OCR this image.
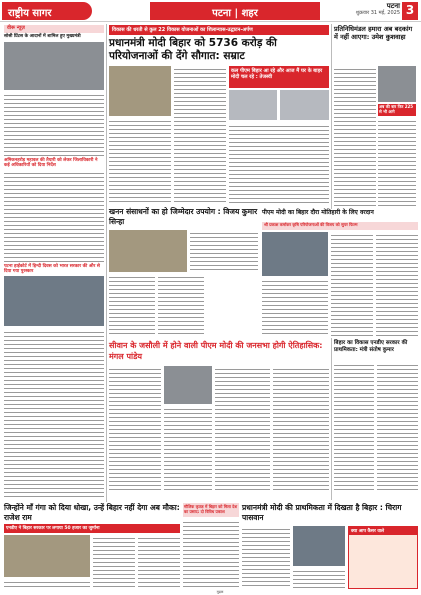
राष्ट्रीय सागर	पटना | शहर
पटना
शुक्रवार 31 मई, 2025 3
वीरू न्यूज़
सोसी प्रिंटस के आदानों में शामिल हुए मुख्यमंत्री
अमिकनहरोड़ महावल की तैयारी को लेकर जिलाधिकारी ने कई अधिकारियों को दिया निर्देश
पटना हाईकोर्ट में हिन्दी दिवस को भारत सरकार की और से दिया गया पुरस्कार
विकास की धरती से कुल 22 विकास योजनाओं का शिलान्यास-उद्घाटन-अर्पण
प्रधानमंत्री मोदी बिहार को 5736 करोड़ की परियोजनाओं की देंगे सौगात: सम्राट
कल पीएम बिहार आ रहे और आज मैं घर के बाहर मोदी चल रहे : तेजस्वी
प्रतिनिधिमंडल हमारा अब बदकांग में नहीं आएगा: उमेश कुशवाहा
अब की बार फिर 225 से भी आगे
खनन संसाधनों का हो जिम्मेदार उपयोग : विजय कुमार सिन्हा
पीएम मोदी का बिहार दौरा मोतिहारी के लिए वरदान
श्री प्रकाश कर्माकर कृषि परियोजनाओं की विजय को सुपर फिल्म
सीवान के जसौली में होने वाली पीएम मोदी की जनसभा होगी ऐतिहासिक: मंगल पांडेय
बिहार का विकास एनडीए सरकार की प्राथमिकता: मंत्री संतोष कुमार
जिन्होंने माँ गंगा को दिया धोखा, उन्हें बिहार नहीं देगा अब मौका: राजेश राम
एनडीए ने बिहार सरकार पर लगाया 50 हजार का जुर्माना
मौलिक कृतज्ञ में बिहार को मिला देश का प्रसाद: दो विविध प्रकाश	प्रधानमंत्री मोदी की प्राथमिकता में दिखता है बिहार : चिराग पासवान
क्या आप कैंसर वाले
मुद्रक
